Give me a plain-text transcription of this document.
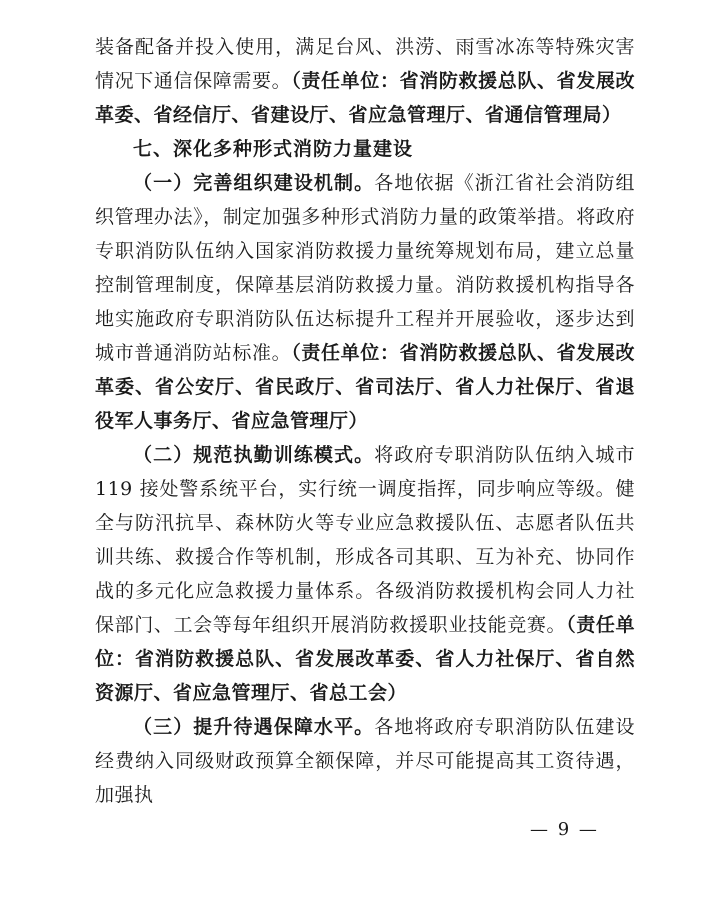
装备配备并投入使用，满足台风、洪涝、雨雪冰冻等特殊灾害情况下通信保障需要。（责任单位：省消防救援总队、省发展改革委、省经信厅、省建设厅、省应急管理厅、省通信管理局）

七、深化多种形式消防力量建设

（一）完善组织建设机制。各地依据《浙江省社会消防组织管理办法》，制定加强多种形式消防力量的政策举措。将政府专职消防队伍纳入国家消防救援力量统筹规划布局，建立总量控制管理制度，保障基层消防救援力量。消防救援机构指导各地实施政府专职消防队伍达标提升工程并开展验收，逐步达到城市普通消防站标准。（责任单位：省消防救援总队、省发展改革委、省公安厅、省民政厅、省司法厅、省人力社保厅、省退役军人事务厅、省应急管理厅）

（二）规范执勤训练模式。将政府专职消防队伍纳入城市 119 接处警系统平台，实行统一调度指挥，同步响应等级。健全与防汛抗旱、森林防火等专业应急救援队伍、志愿者队伍共训共练、救援合作等机制，形成各司其职、互为补充、协同作战的多元化应急救援力量体系。各级消防救援机构会同人力社保部门、工会等每年组织开展消防救援职业技能竞赛。（责任单位：省消防救援总队、省发展改革委、省人力社保厅、省自然资源厅、省应急管理厅、省总工会）

（三）提升待遇保障水平。各地将政府专职消防队伍建设经费纳入同级财政预算全额保障，并尽可能提高其工资待遇，加强执

— 9 —
